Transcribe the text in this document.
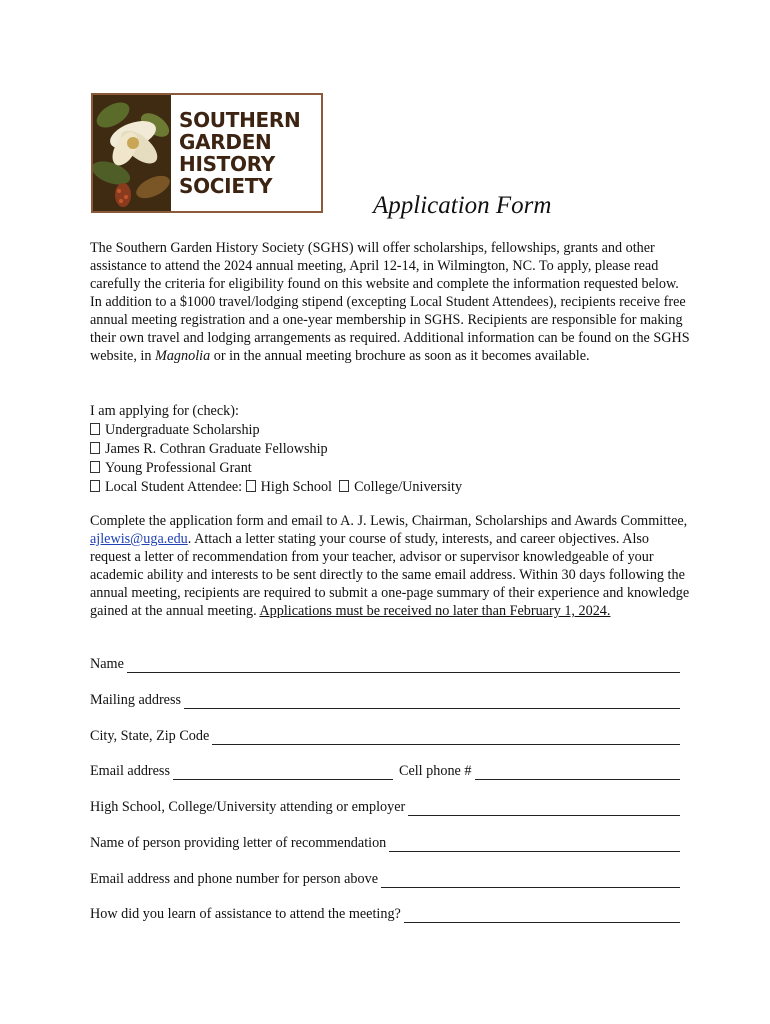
SOUTHERN
GARDEN
HISTORY
SOCIETY
Application Form

The Southern Garden History Society (SGHS) will offer scholarships, fellowships, grants and other assistance to attend the 2024 annual meeting, April 12-14, in Wilmington, NC. To apply, please read carefully the criteria for eligibility found on this website and complete the information requested below. In addition to a $1000 travel/lodging stipend (excepting Local Student Attendees), recipients receive free annual meeting registration and a one-year membership in SGHS. Recipients are responsible for making their own travel and lodging arrangements as required. Additional information can be found on the SGHS website, in Magnolia or in the annual meeting brochure as soon as it becomes available.

I am applying for (check):
Undergraduate Scholarship
James R. Cothran Graduate Fellowship
Young Professional Grant
Local Student Attendee: High School College/University

Complete the application form and email to A. J. Lewis, Chairman, Scholarships and Awards Committee, ajlewis@uga.edu. Attach a letter stating your course of study, interests, and career objectives. Also request a letter of recommendation from your teacher, advisor or supervisor knowledgeable of your academic ability and interests to be sent directly to the same email address. Within 30 days following the annual meeting, recipients are required to submit a one-page summary of their experience and knowledge gained at the annual meeting. Applications must be received no later than February 1, 2024.

Name
Mailing address
City, State, Zip Code
Email address	Cell phone #
High School, College/University attending or employer
Name of person providing letter of recommendation
Email address and phone number for person above
How did you learn of assistance to attend the meeting?
